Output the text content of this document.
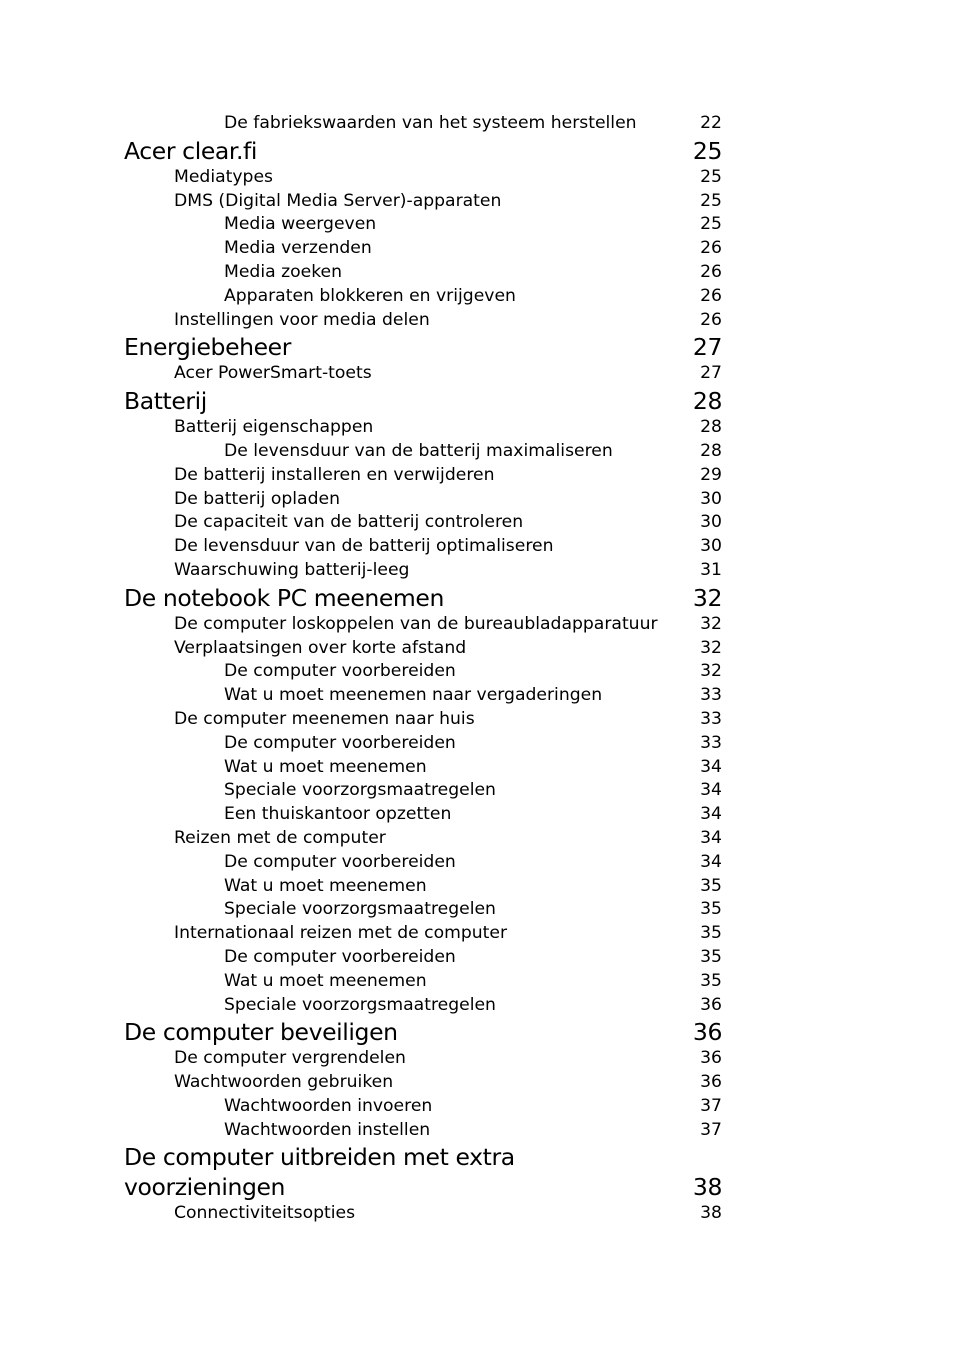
De fabriekswaarden van het systeem herstellen	22
Acer clear.fi	25
Mediatypes	25
DMS (Digital Media Server)-apparaten	25
Media weergeven	25
Media verzenden	26
Media zoeken	26
Apparaten blokkeren en vrijgeven	26
Instellingen voor media delen	26
Energiebeheer	27
Acer PowerSmart-toets	27
Batterij	28
Batterij eigenschappen	28
De levensduur van de batterij maximaliseren	28
De batterij installeren en verwijderen	29
De batterij opladen	30
De capaciteit van de batterij controleren	30
De levensduur van de batterij optimaliseren	30
Waarschuwing batterij-leeg	31
De notebook PC meenemen	32
De computer loskoppelen van de bureaubladapparatuur 32
Verplaatsingen over korte afstand	32
De computer voorbereiden	32
Wat u moet meenemen naar vergaderingen	33
De computer meenemen naar huis	33
De computer voorbereiden	33
Wat u moet meenemen	34
Speciale voorzorgsmaatregelen	34
Een thuiskantoor opzetten	34
Reizen met de computer	34
De computer voorbereiden	34
Wat u moet meenemen	35
Speciale voorzorgsmaatregelen	35
Internationaal reizen met de computer	35
De computer voorbereiden	35
Wat u moet meenemen	35
Speciale voorzorgsmaatregelen	36
De computer beveiligen	36
De computer vergrendelen	36
Wachtwoorden gebruiken	36
Wachtwoorden invoeren	37
Wachtwoorden instellen	37
De computer uitbreiden met extra voorzieningen	38
Connectiviteitsopties	38
